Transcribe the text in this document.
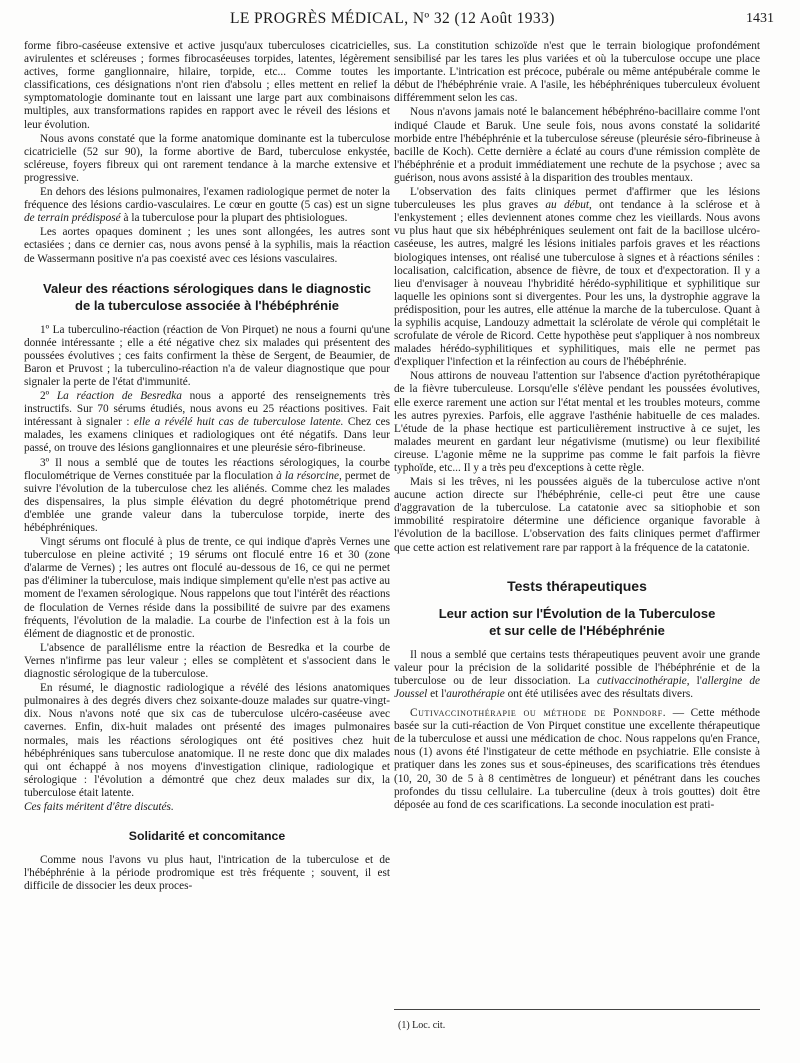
LE PROGRÈS MÉDICAL, Nº 32 (12 Août 1933)	1431

forme fibro-caséeuse extensive et active jusqu'aux tuberculoses cicatricielles, avirulentes et scléreuses ; formes fibrocaséeuses torpides, latentes, légèrement actives, forme ganglionnaire, hilaire, torpide, etc... Comme toutes les classifications, ces désignations n'ont rien d'absolu ; elles mettent en relief la symptomatologie dominante tout en laissant une large part aux combinaisons multiples, aux transformations rapides en rapport avec le réveil des lésions et leur évolution.

Nous avons constaté que la forme anatomique dominante est la tuberculose cicatricielle (52 sur 90), la forme abortive de Bard, tuberculose enkystée, scléreuse, foyers fibreux qui ont rarement tendance à la marche extensive et progressive.

En dehors des lésions pulmonaires, l'examen radiologique permet de noter la fréquence des lésions cardio-vasculaires. Le cœur en goutte (5 cas) est un signe de terrain prédisposé à la tuberculose pour la plupart des phtisiologues.

Les aortes opaques dominent ; les unes sont allongées, les autres sont ectasiées ; dans ce dernier cas, nous avons pensé à la syphilis, mais la réaction de Wassermann positive n'a pas coexisté avec ces lésions vasculaires.

Valeur des réactions sérologiques dans le diagnostic
de la tuberculose associée à l'hébéphrénie

1º La tuberculino-réaction (réaction de Von Pirquet) ne nous a fourni qu'une donnée intéressante ; elle a été négative chez six malades qui présentent des poussées évolutives ; ces faits confirment la thèse de Sergent, de Beaumier, de Baron et Pruvost ; la tuberculino-réaction n'a de valeur diagnostique que pour signaler la perte de l'état d'immunité.

2º La réaction de Besredka nous a apporté des renseignements très instructifs. Sur 70 sérums étudiés, nous avons eu 25 réactions positives. Fait intéressant à signaler : elle a révélé huit cas de tuberculose latente. Chez ces malades, les examens cliniques et radiologiques ont été négatifs. Dans leur passé, on trouve des lésions ganglionnaires et une pleurésie séro-fibrineuse.

3º Il nous a semblé que de toutes les réactions sérologiques, la courbe floculométrique de Vernes constituée par la floculation à la résorcine, permet de suivre l'évolution de la tuberculose chez les aliénés. Comme chez les malades des dispensaires, la plus simple élévation du degré photométrique prend d'emblée une grande valeur dans la tuberculose torpide, inerte des hébéphréniques.

Vingt sérums ont floculé à plus de trente, ce qui indique d'après Vernes une tuberculose en pleine activité ; 19 sérums ont floculé entre 16 et 30 (zone d'alarme de Vernes) ; les autres ont floculé au-dessous de 16, ce qui ne permet pas d'éliminer la tuberculose, mais indique simplement qu'elle n'est pas active au moment de l'examen sérologique. Nous rappelons que tout l'intérêt des réactions de floculation de Vernes réside dans la possibilité de suivre par des examens fréquents, l'évolution de la maladie. La courbe de l'infection est à la fois un élément de diagnostic et de pronostic.

L'absence de parallélisme entre la réaction de Besredka et la courbe de Vernes n'infirme pas leur valeur ; elles se complètent et s'associent dans le diagnostic sérologique de la tuberculose.

En résumé, le diagnostic radiologique a révélé des lésions anatomiques pulmonaires à des degrés divers chez soixante-douze malades sur quatre-vingt-dix. Nous n'avons noté que six cas de tuberculose ulcéro-caséeuse avec cavernes. Enfin, dix-huit malades ont présenté des images pulmonaires normales, mais les réactions sérologiques ont été positives chez huit hébéphréniques sans tuberculose anatomique. Il ne reste donc que dix malades qui ont échappé à nos moyens d'investigation clinique, radiologique et sérologique : l'évolution a démontré que chez deux malades sur dix, la tuberculose était latente.

Ces faits méritent d'être discutés.

Solidarité et concomitance

Comme nous l'avons vu plus haut, l'intrication de la tuberculose et de l'hébéphrénie à la période prodromique est très fréquente ; souvent, il est difficile de dissocier les deux proces-

sus. La constitution schizoïde n'est que le terrain biologique profondément sensibilisé par les tares les plus variées et où la tuberculose occupe une place importante. L'intrication est précoce, pubérale ou même antépubérale comme le début de l'hébéphrénie vraie. A l'asile, les hébéphréniques tuberculeux évoluent différemment selon les cas.

Nous n'avons jamais noté le balancement hébéphréno-bacillaire comme l'ont indiqué Claude et Baruk. Une seule fois, nous avons constaté la solidarité morbide entre l'hébéphrénie et la tuberculose séreuse (pleurésie séro-fibrineuse à bacille de Koch). Cette dernière a éclaté au cours d'une rémission complète de l'hébéphrénie et a produit immédiatement une rechute de la psychose ; avec sa guérison, nous avons assisté à la disparition des troubles mentaux.

L'observation des faits cliniques permet d'affirmer que les lésions tuberculeuses les plus graves au début, ont tendance à la sclérose et à l'enkystement ; elles deviennent atones comme chez les vieillards. Nous avons vu plus haut que six hébéphréniques seulement ont fait de la bacillose ulcéro-caséeuse, les autres, malgré les lésions initiales parfois graves et les réactions biologiques intenses, ont réalisé une tuberculose à signes et à réactions séniles : localisation, calcification, absence de fièvre, de toux et d'expectoration. Il y a lieu d'envisager à nouveau l'hybridité hérédo-syphilitique et syphilitique sur laquelle les opinions sont si divergentes. Pour les uns, la dystrophie aggrave la prédisposition, pour les autres, elle atténue la marche de la tuberculose. Quant à la syphilis acquise, Landouzy admettait la sclérolate de vérole qui complétait le scrofulate de vérole de Ricord. Cette hypothèse peut s'appliquer à nos nombreux malades hérédo-syphilitiques et syphilitiques, mais elle ne permet pas d'expliquer l'infection et la réinfection au cours de l'hébéphrénie.

Nous attirons de nouveau l'attention sur l'absence d'action pyrétothérapique de la fièvre tuberculeuse. Lorsqu'elle s'élève pendant les poussées évolutives, elle exerce rarement une action sur l'état mental et les troubles moteurs, comme les autres pyrexies. Parfois, elle aggrave l'asthénie habituelle de ces malades. L'étude de la phase hectique est particulièrement instructive à ce sujet, les malades meurent en gardant leur négativisme (mutisme) ou leur flexibilité cireuse. L'agonie même ne la supprime pas comme le fait parfois la fièvre typhoïde, etc... Il y a très peu d'exceptions à cette règle.

Mais si les trêves, ni les poussées aiguës de la tuberculose active n'ont aucune action directe sur l'hébéphrénie, celle-ci peut être une cause d'aggravation de la tuberculose. La catatonie avec sa sitiophobie et son immobilité respiratoire détermine une déficience organique favorable à l'évolution de la bacillose. L'observation des faits cliniques permet d'affirmer que cette action est relativement rare par rapport à la fréquence de la catatonie.

Tests thérapeutiques
Leur action sur l'Évolution de la Tuberculose
et sur celle de l'Hébéphrénie

Il nous a semblé que certains tests thérapeutiques peuvent avoir une grande valeur pour la précision de la solidarité possible de l'hébéphrénie et de la tuberculose ou de leur dissociation. La cutivaccinothérapie, l'allergine de Joussel et l'aurothérapie ont été utilisées avec des résultats divers.

Cutivaccinothérapie ou méthode de Ponndorf. — Cette méthode basée sur la cuti-réaction de Von Pirquet constitue une excellente thérapeutique de la tuberculose et aussi une médication de choc. Nous rappelons qu'en France, nous (1) avons été l'instigateur de cette méthode en psychiatrie. Elle consiste à pratiquer dans les zones sus et sous-épineuses, des scarifications très étendues (10, 20, 30 de 5 à 8 centimètres de longueur) et pénétrant dans les couches profondes du tissu cellulaire. La tuberculine (deux à trois gouttes) doit être déposée au fond de ces scarifications. La seconde inoculation est prati-

(1) Loc. cit.
